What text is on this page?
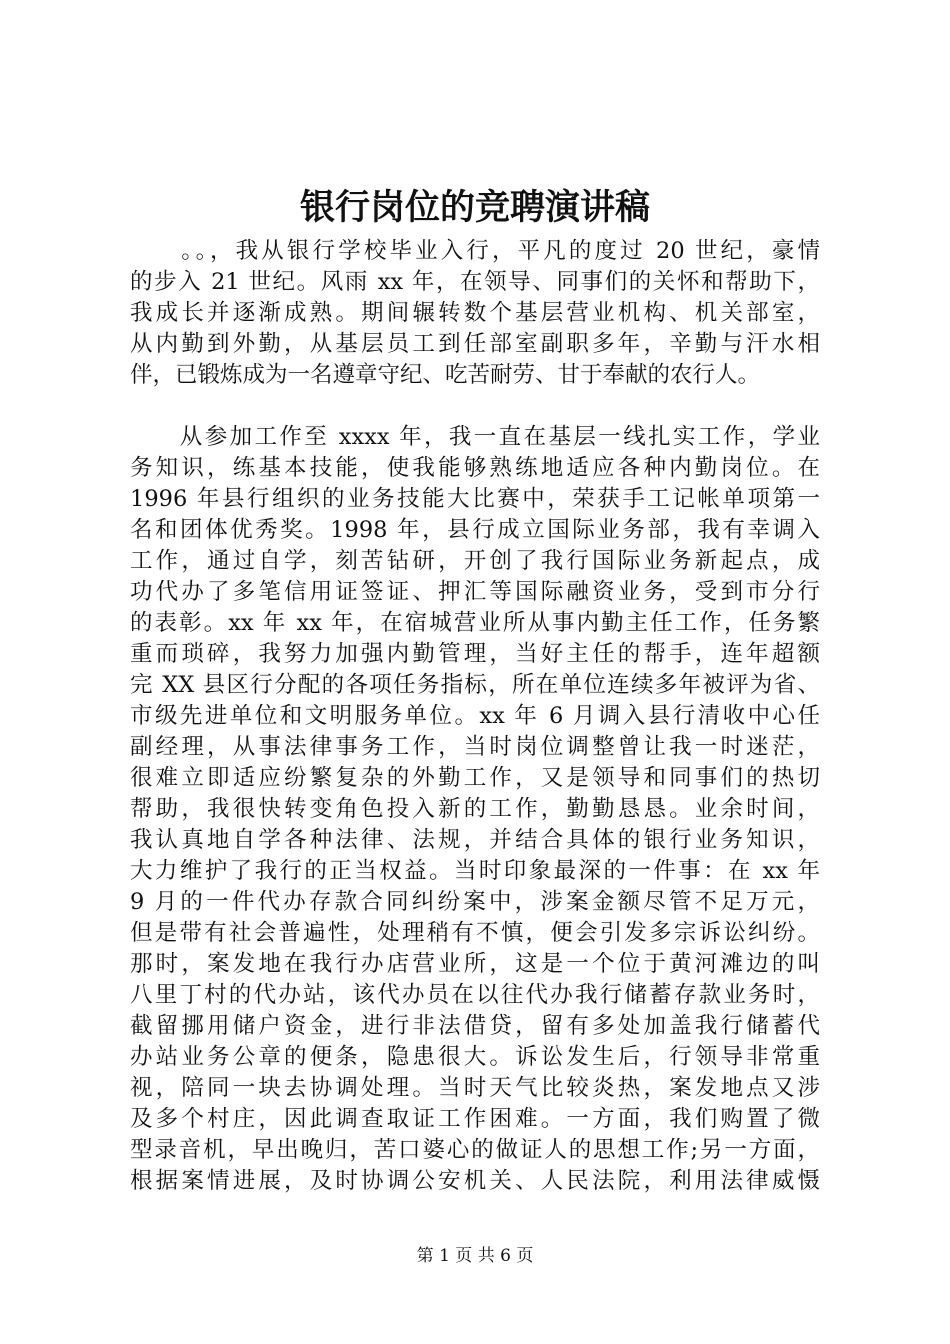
银行岗位的竞聘演讲稿
　　。。，我从银行学校毕业入行，平凡的度过 20 世纪，豪情
的步入 21 世纪。风雨 xx 年，在领导、同事们的关怀和帮助下，
我成长并逐渐成熟。期间辗转数个基层营业机构、机关部室，
从内勤到外勤，从基层员工到任部室副职多年，辛勤与汗水相
伴，已锻炼成为一名遵章守纪、吃苦耐劳、甘于奉献的农行人。
　　从参加工作至 xxxx 年，我一直在基层一线扎实工作，学业
务知识，练基本技能，使我能够熟练地适应各种内勤岗位。在
1996 年县行组织的业务技能大比赛中，荣获手工记帐单项第一
名和团体优秀奖。1998 年，县行成立国际业务部，我有幸调入
工作，通过自学，刻苦钻研，开创了我行国际业务新起点，成
功代办了多笔信用证签证、押汇等国际融资业务，受到市分行
的表彰。xx 年 xx 年，在宿城营业所从事内勤主任工作，任务繁
重而琐碎，我努力加强内勤管理，当好主任的帮手，连年超额
完 XX 县区行分配的各项任务指标，所在单位连续多年被评为省、
市级先进单位和文明服务单位。xx 年 6 月调入县行清收中心任
副经理，从事法律事务工作，当时岗位调整曾让我一时迷茫，
很难立即适应纷繁复杂的外勤工作，又是领导和同事们的热切
帮助，我很快转变角色投入新的工作，勤勤恳恳。业余时间，
我认真地自学各种法律、法规，并结合具体的银行业务知识，
大力维护了我行的正当权益。当时印象最深的一件事：在 xx 年
9 月的一件代办存款合同纠纷案中，涉案金额尽管不足万元，
但是带有社会普遍性，处理稍有不慎，便会引发多宗诉讼纠纷。
那时，案发地在我行办店营业所，这是一个位于黄河滩边的叫
八里丁村的代办站，该代办员在以往代办我行储蓄存款业务时，
截留挪用储户资金，进行非法借贷，留有多处加盖我行储蓄代
办站业务公章的便条，隐患很大。诉讼发生后，行领导非常重
视，陪同一块去协调处理。当时天气比较炎热，案发地点又涉
及多个村庄，因此调查取证工作困难。一方面，我们购置了微
型录音机，早出晚归，苦口婆心的做证人的思想工作;另一方面，
根据案情进展，及时协调公安机关、人民法院，利用法律威慑
第 1 页 共 6 页
